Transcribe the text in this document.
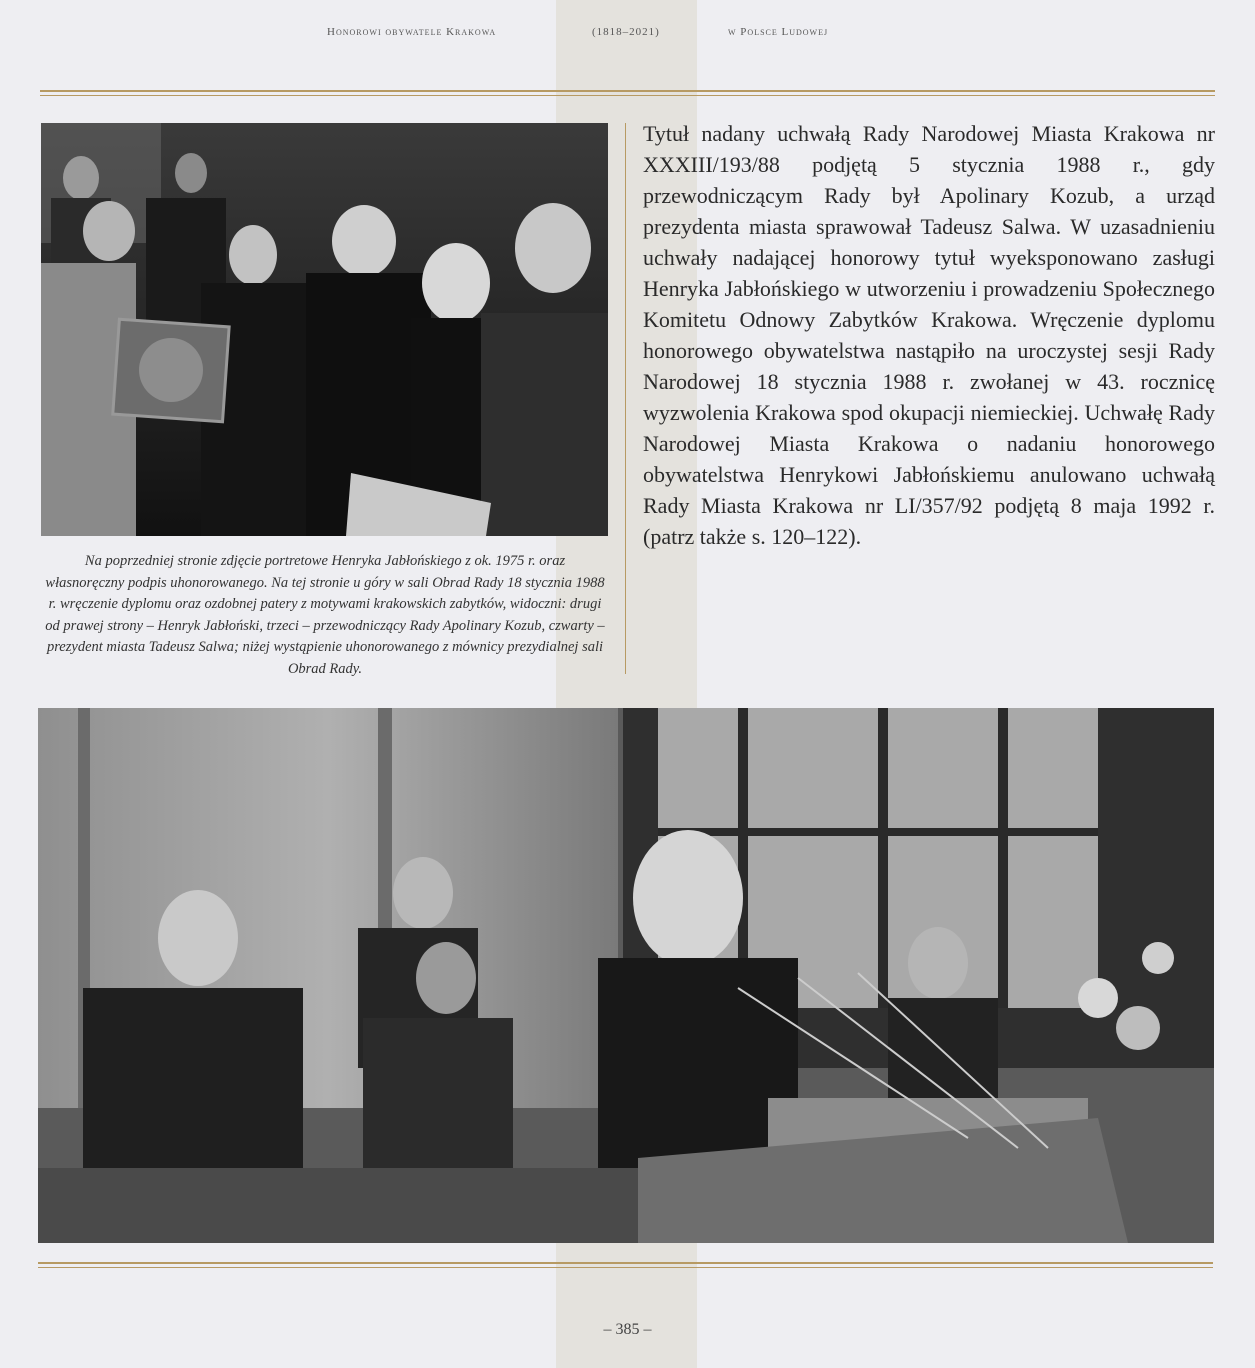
Honorowi obywatele Krakowa	(1818–2021)	w Polsce Ludowej
Na poprzedniej stronie zdjęcie portretowe Henryka Jabłońskiego z ok. 1975 r. oraz własnoręczny podpis uhonorowanego. Na tej stronie u góry w sali Obrad Rady 18 stycznia 1988 r. wręczenie dyplomu oraz ozdobnej patery z motywami krakowskich zabytków, widoczni: drugi od prawej strony – Henryk Jabłoński, trzeci – przewodniczący Rady Apolinary Kozub, czwarty – prezydent miasta Tadeusz Salwa; niżej wystąpienie uhonorowanego z mównicy prezydialnej sali Obrad Rady.
Tytuł nadany uchwałą Rady Narodowej Miasta Krakowa nr XXXIII/193/88 podjętą 5 stycznia 1988 r., gdy przewodniczącym Rady był Apolinary Kozub, a urząd prezydenta miasta sprawował Tadeusz Salwa. W uzasadnieniu uchwały nadającej honorowy tytuł wyeksponowano zasługi Henryka Jabłońskiego w utworzeniu i prowadzeniu Społecznego Komitetu Odnowy Zabytków Krakowa. Wręczenie dyplomu honorowego obywatelstwa nastąpiło na uroczystej sesji Rady Narodowej 18 stycznia 1988 r. zwołanej w 43. rocznicę wyzwolenia Krakowa spod okupacji niemieckiej. Uchwałę Rady Narodowej Miasta Krakowa o nadaniu honorowego obywatelstwa Henrykowi Jabłońskiemu anulowano uchwałą Rady Miasta Krakowa nr LI/357/92 podjętą 8 maja 1992 r. (patrz także s. 120–122).
– 385 –
